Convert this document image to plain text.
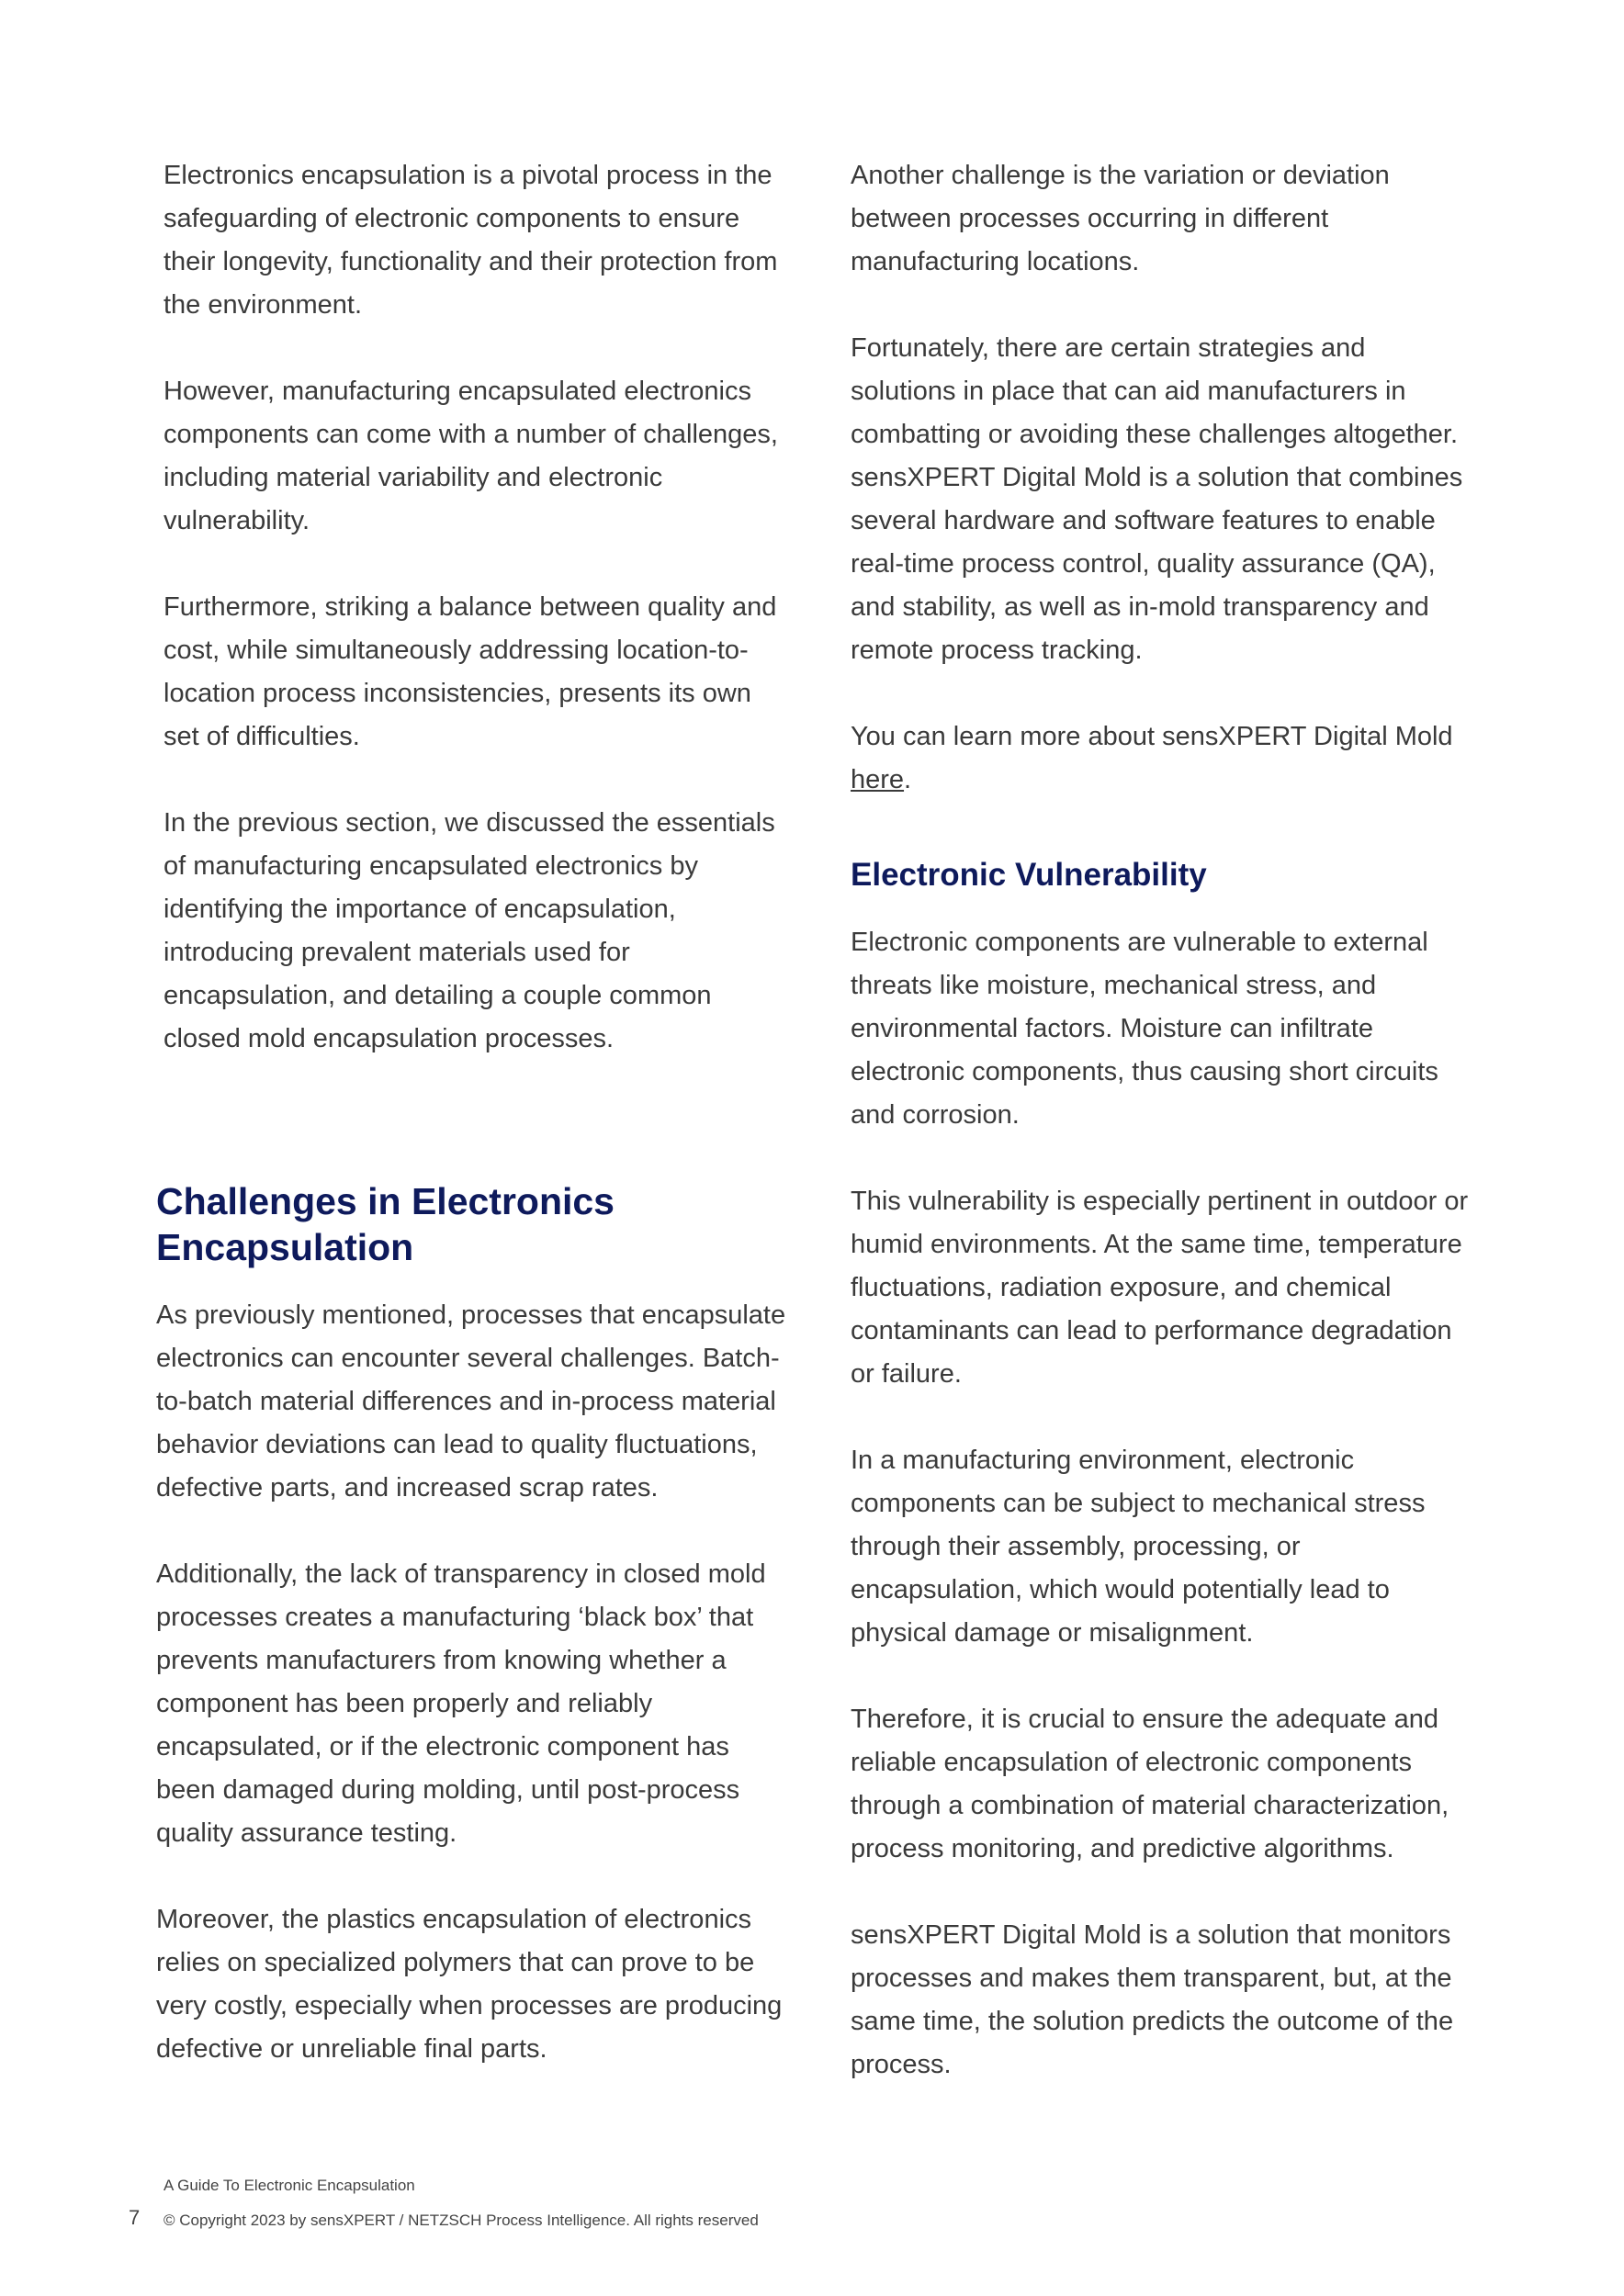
Electronics encapsulation is a pivotal process in the safeguarding of electronic components to ensure their longevity, functionality and their protection from the environment.

However, manufacturing encapsulated electronics components can come with a number of challenges, including material variability and electronic vulnerability.

Furthermore, striking a balance between quality and cost, while simultaneously addressing location-to-location process inconsistencies, presents its own set of difficulties.

In the previous section, we discussed the essentials of manufacturing encapsulated electronics by identifying the importance of encapsulation, introducing prevalent materials used for encapsulation, and detailing a couple common closed mold encapsulation processes.

Challenges in Electronics Encapsulation

As previously mentioned, processes that encapsulate electronics can encounter several challenges. Batch-to-batch material differences and in-process material behavior deviations can lead to quality fluctuations, defective parts, and increased scrap rates.

Additionally, the lack of transparency in closed mold processes creates a manufacturing ‘black box’ that prevents manufacturers from knowing whether a component has been properly and reliably encapsulated, or if the electronic component has been damaged during molding, until post-process quality assurance testing.

Moreover, the plastics encapsulation of electronics relies on specialized polymers that can prove to be very costly, especially when processes are producing defective or unreliable final parts.

Another challenge is the variation or deviation between processes occurring in different manufacturing locations.

Fortunately, there are certain strategies and solutions in place that can aid manufacturers in combatting or avoiding these challenges altogether. sensXPERT Digital Mold is a solution that combines several hardware and software features to enable real-time process control, quality assurance (QA), and stability, as well as in-mold transparency and remote process tracking.

You can learn more about sensXPERT Digital Mold here.

Electronic Vulnerability

Electronic components are vulnerable to external threats like moisture, mechanical stress, and environmental factors. Moisture can infiltrate electronic components, thus causing short circuits and corrosion.

This vulnerability is especially pertinent in outdoor or humid environments. At the same time, temperature fluctuations, radiation exposure, and chemical contaminants can lead to performance degradation or failure.

In a manufacturing environment, electronic components can be subject to mechanical stress through their assembly, processing, or encapsulation, which would potentially lead to physical damage or misalignment.

Therefore, it is crucial to ensure the adequate and reliable encapsulation of electronic components through a combination of material characterization, process monitoring, and predictive algorithms.

sensXPERT Digital Mold is a solution that monitors processes and makes them transparent, but, at the same time, the solution predicts the outcome of the process.

7
A Guide To Electronic Encapsulation
© Copyright 2023 by sensXPERT / NETZSCH Process Intelligence. All rights reserved
